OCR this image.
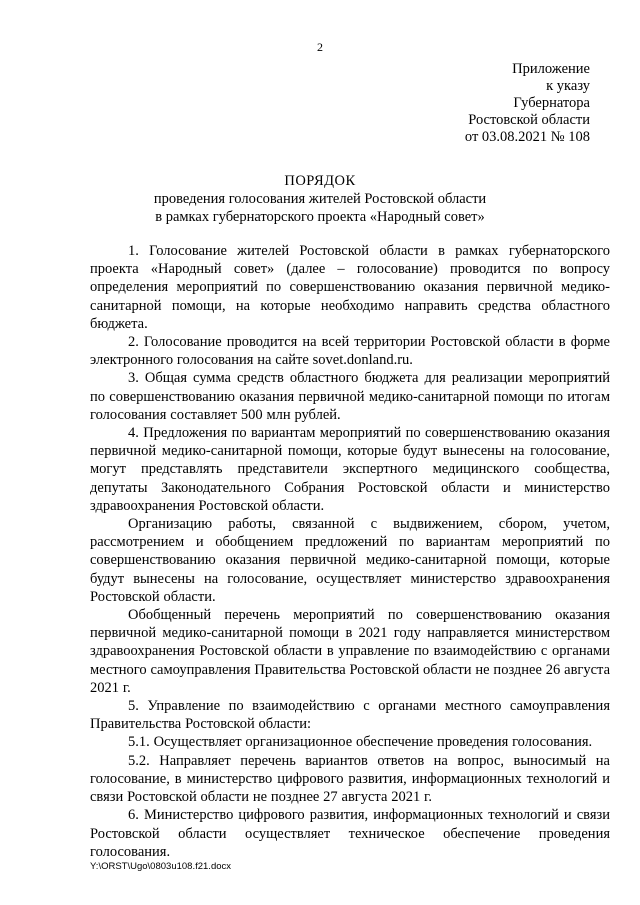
2
Приложение
к указу
Губернатора
Ростовской области
от 03.08.2021 № 108
ПОРЯДОК
проведения голосования жителей Ростовской области
в рамках губернаторского проекта «Народный совет»

1. Голосование жителей Ростовской области в рамках губернаторского проекта «Народный совет» (далее – голосование) проводится по вопросу определения мероприятий по совершенствованию оказания первичной медико-санитарной помощи, на которые необходимо направить средства областного бюджета.

2. Голосование проводится на всей территории Ростовской области в форме электронного голосования на сайте sovet.donland.ru.

3. Общая сумма средств областного бюджета для реализации мероприятий по совершенствованию оказания первичной медико-санитарной помощи по итогам голосования составляет 500 млн рублей.

4. Предложения по вариантам мероприятий по совершенствованию оказания первичной медико-санитарной помощи, которые будут вынесены на голосование, могут представлять представители экспертного медицинского сообщества, депутаты Законодательного Собрания Ростовской области и министерство здравоохранения Ростовской области.

Организацию работы, связанной с выдвижением, сбором, учетом, рассмотрением и обобщением предложений по вариантам мероприятий по совершенствованию оказания первичной медико-санитарной помощи, которые будут вынесены на голосование, осуществляет министерство здравоохранения Ростовской области.

Обобщенный перечень мероприятий по совершенствованию оказания первичной медико-санитарной помощи в 2021 году направляется министерством здравоохранения Ростовской области в управление по взаимодействию с органами местного самоуправления Правительства Ростовской области не позднее 26 августа 2021 г.

5. Управление по взаимодействию с органами местного самоуправления Правительства Ростовской области:

5.1. Осуществляет организационное обеспечение проведения голосования.

5.2. Направляет перечень вариантов ответов на вопрос, выносимый на голосование, в министерство цифрового развития, информационных технологий и связи Ростовской области не позднее 27 августа 2021 г.

6. Министерство цифрового развития, информационных технологий и связи Ростовской области осуществляет техническое обеспечение проведения голосования.

Y:\ORST\Ugo\0803u108.f21.docx
